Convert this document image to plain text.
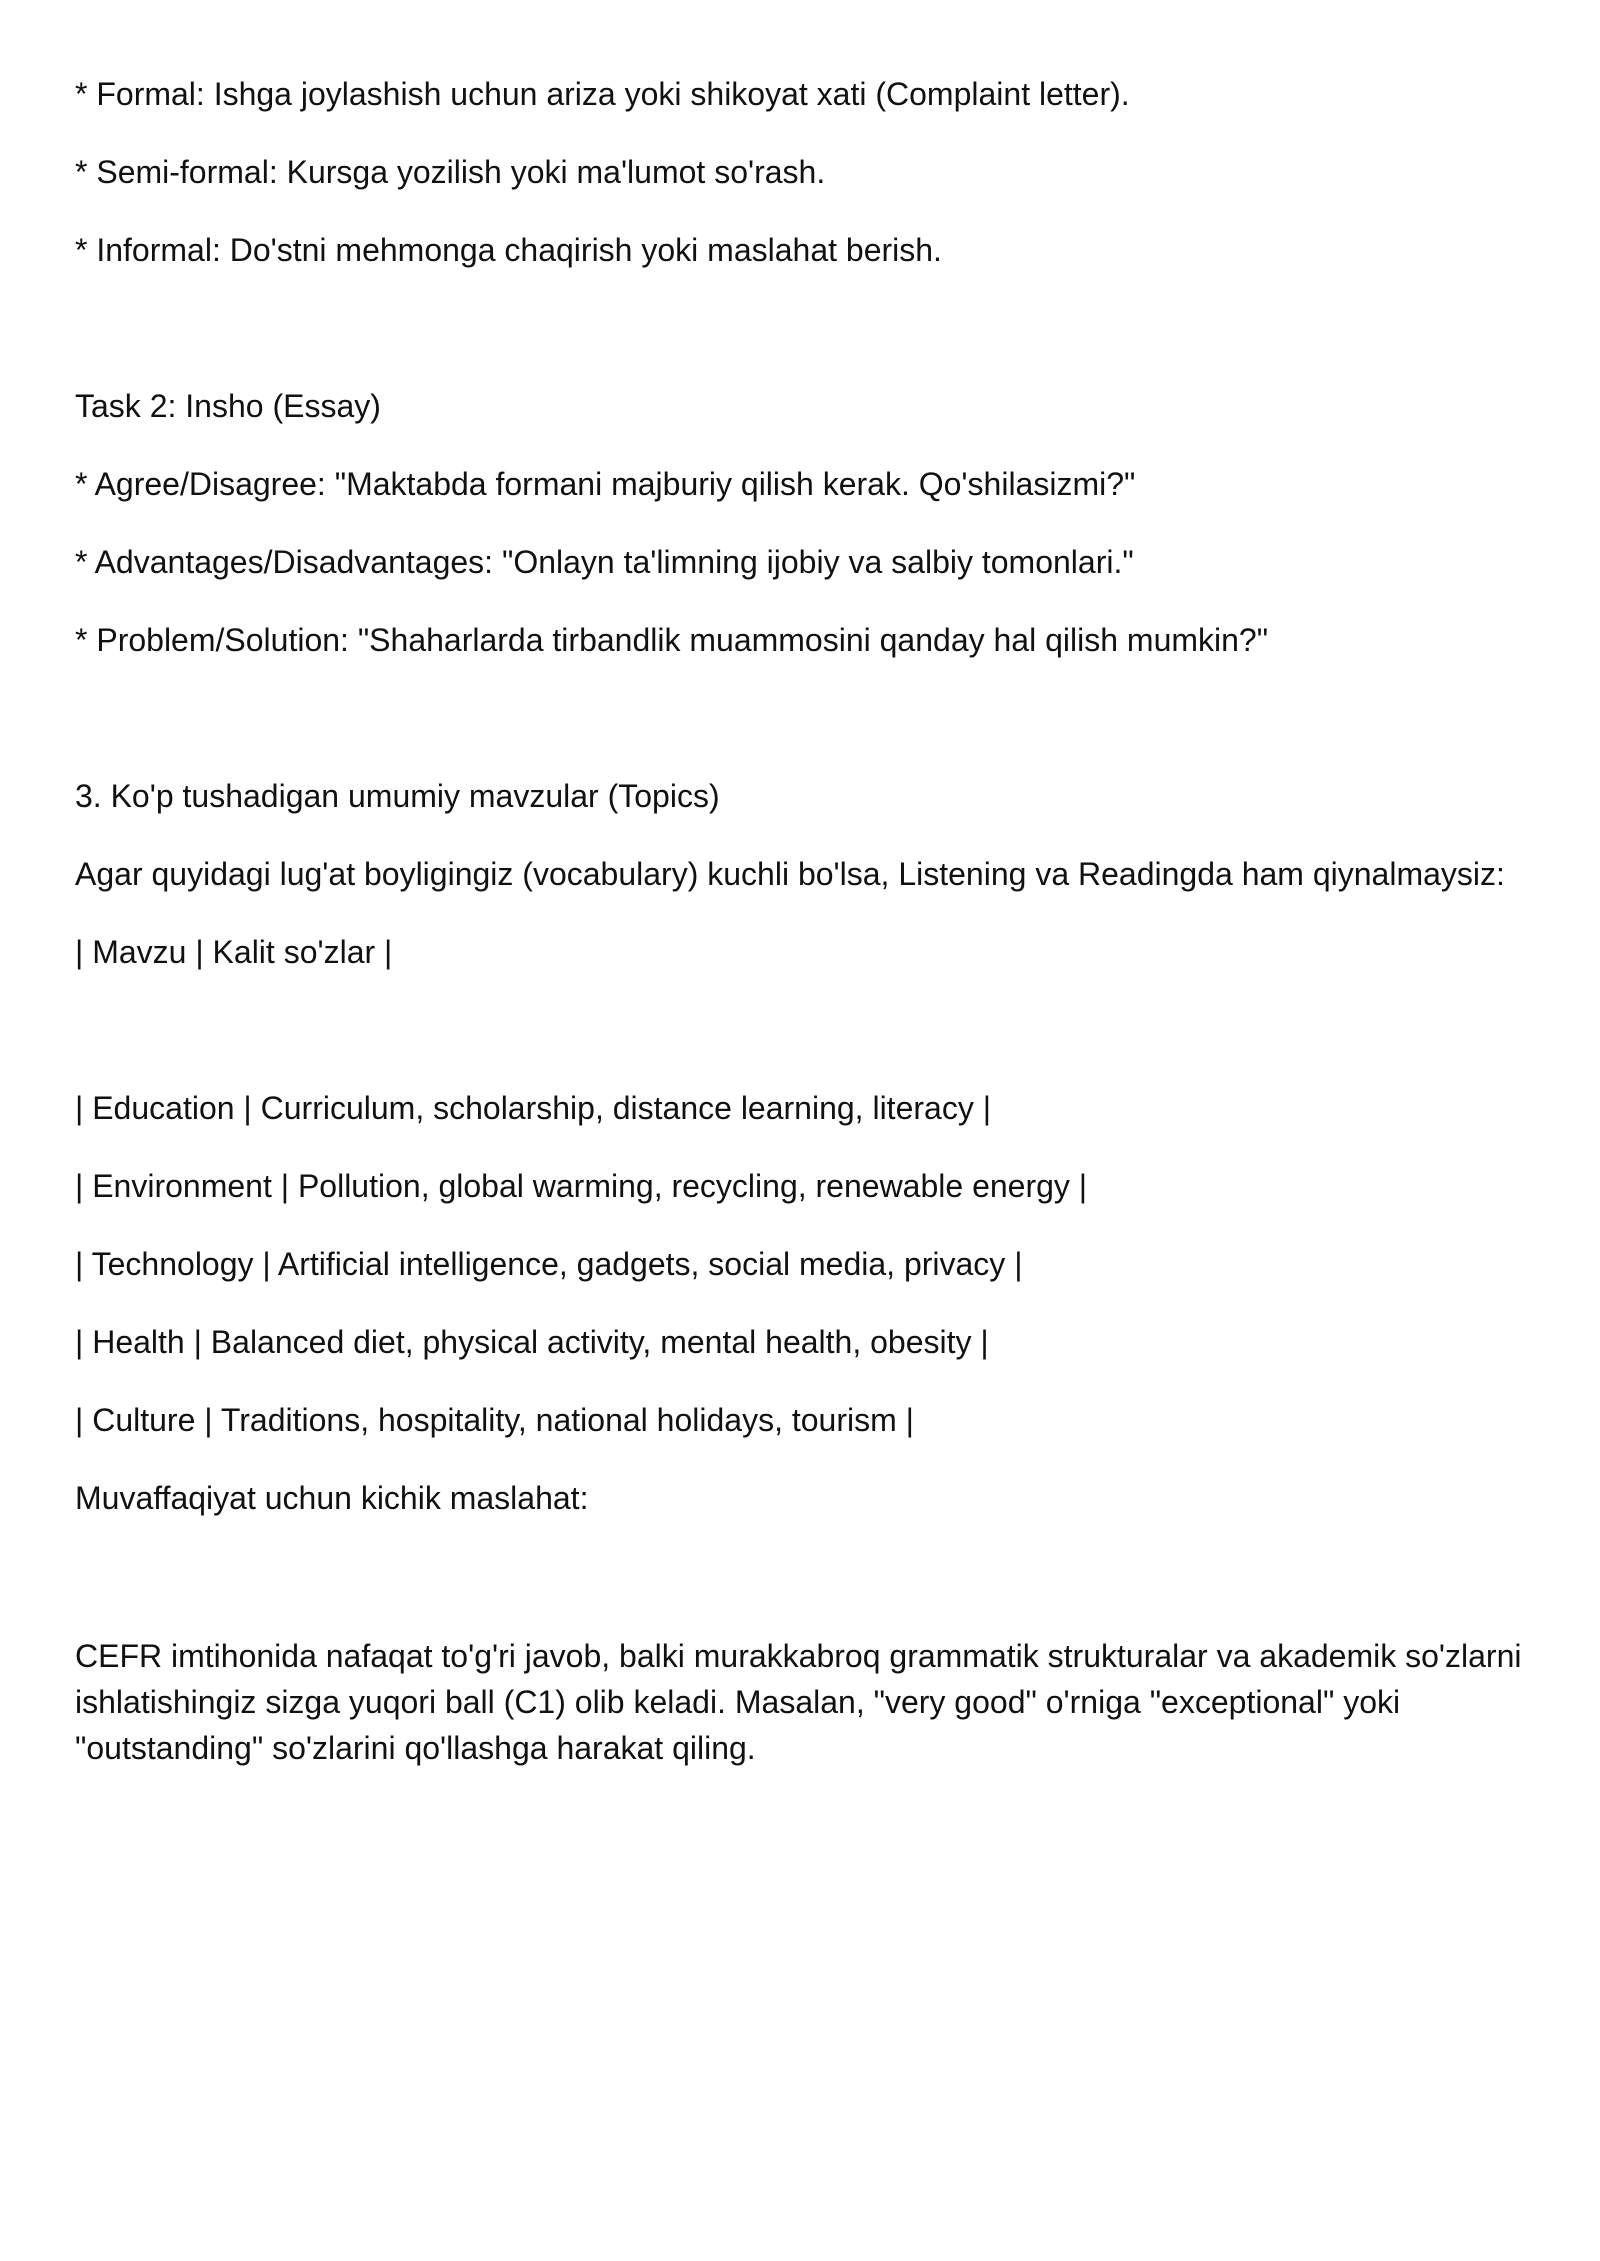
* Formal: Ishga joylashish uchun ariza yoki shikoyat xati (Complaint letter).

* Semi-formal: Kursga yozilish yoki ma'lumot so'rash.

* Informal: Do'stni mehmonga chaqirish yoki maslahat berish.

Task 2: Insho (Essay)

* Agree/Disagree: "Maktabda formani majburiy qilish kerak. Qo'shilasizmi?"

* Advantages/Disadvantages: "Onlayn ta'limning ijobiy va salbiy tomonlari."

* Problem/Solution: "Shaharlarda tirbandlik muammosini qanday hal qilish mumkin?"

3. Ko'p tushadigan umumiy mavzular (Topics)

Agar quyidagi lug'at boyligingiz (vocabulary) kuchli bo'lsa, Listening va Readingda ham qiynalmaysiz:

| Mavzu | Kalit so'zlar |

| Education | Curriculum, scholarship, distance learning, literacy |

| Environment | Pollution, global warming, recycling, renewable energy |

| Technology | Artificial intelligence, gadgets, social media, privacy |

| Health | Balanced diet, physical activity, mental health, obesity |

| Culture | Traditions, hospitality, national holidays, tourism |

Muvaffaqiyat uchun kichik maslahat:

CEFR imtihonida nafaqat to'g'ri javob, balki murakkabroq grammatik strukturalar va akademik so'zlarni ishlatishingiz sizga yuqori ball (C1) olib keladi. Masalan, "very good" o'rniga "exceptional" yoki "outstanding" so'zlarini qo'llashga harakat qiling.
